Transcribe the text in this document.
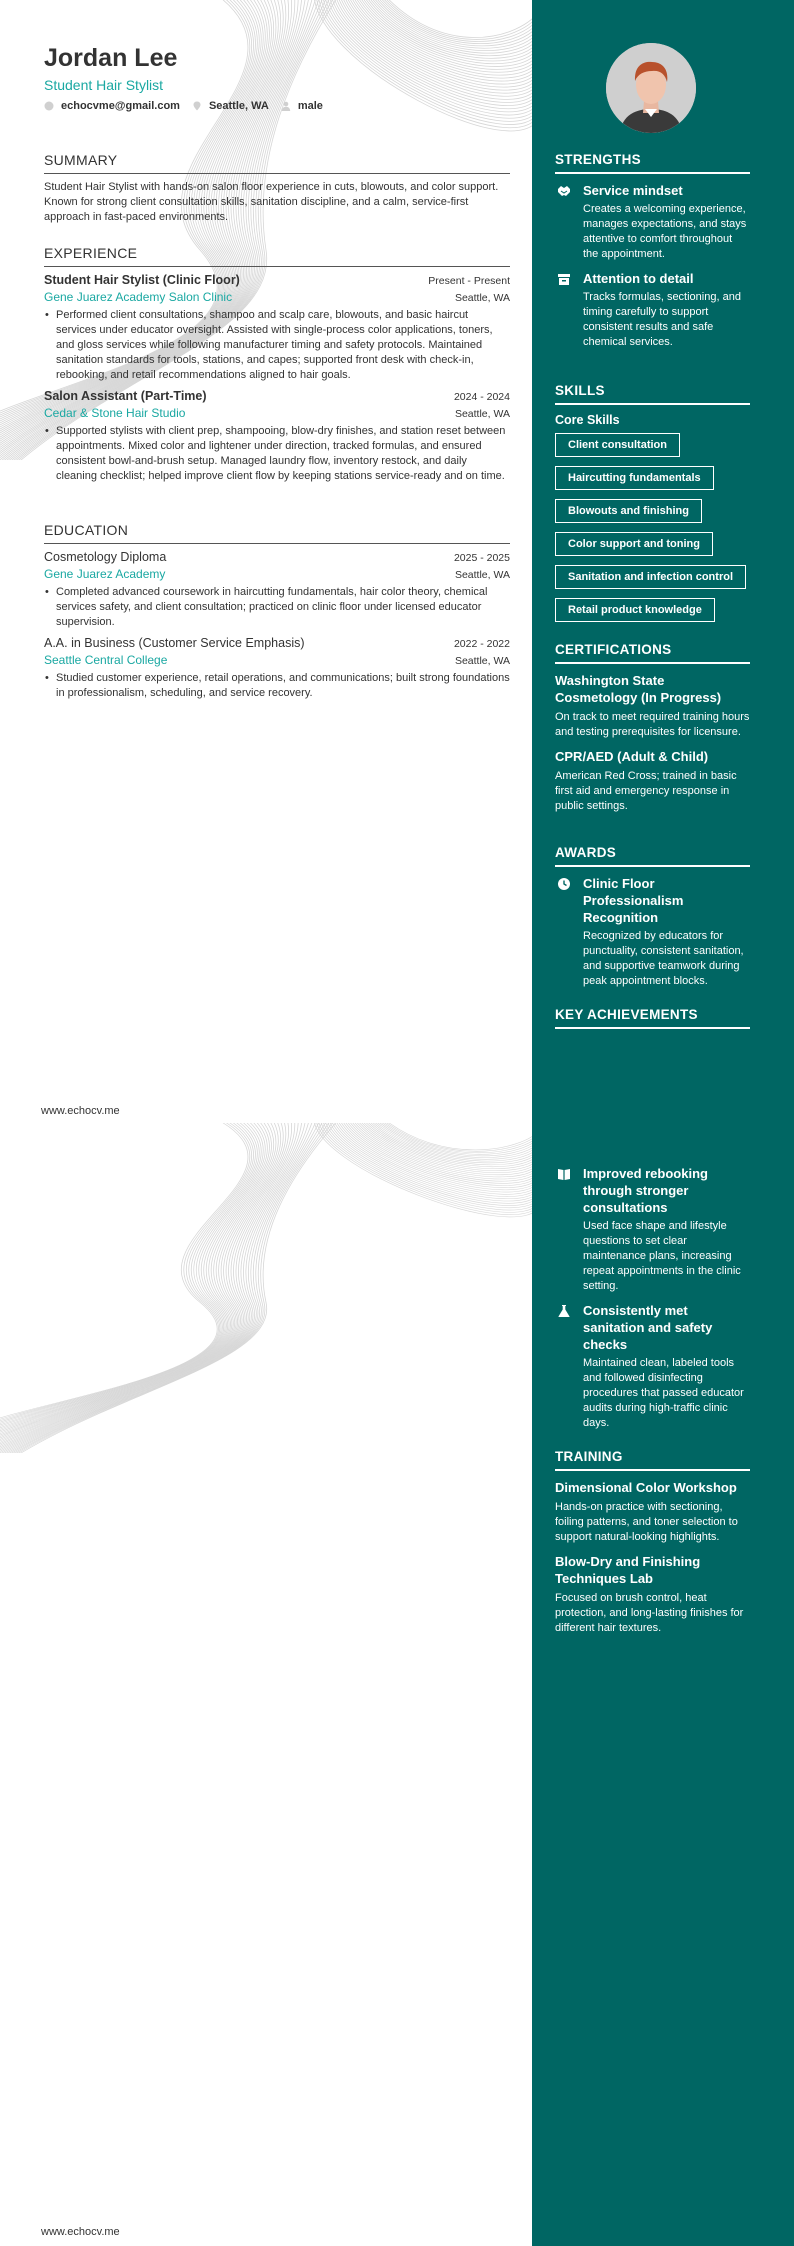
Jordan Lee
Student Hair Stylist
echocvme@gmail.com	Seattle, WA	male
SUMMARY
Student Hair Stylist with hands-on salon floor experience in cuts, blowouts, and color support. Known for strong client consultation skills, sanitation discipline, and a calm, service-first approach in fast-paced environments.
EXPERIENCE
Student Hair Stylist (Clinic Floor)	Present - Present
Gene Juarez Academy Salon Clinic	Seattle, WA
• Performed client consultations, shampoo and scalp care, blowouts, and basic haircut services under educator oversight. Assisted with single-process color applications, toners, and gloss services while following manufacturer timing and safety protocols. Maintained sanitation standards for tools, stations, and capes; supported front desk with check-in, rebooking, and retail recommendations aligned to hair goals.
Salon Assistant (Part-Time)	2024 - 2024
Cedar & Stone Hair Studio	Seattle, WA
• Supported stylists with client prep, shampooing, blow-dry finishes, and station reset between appointments. Mixed color and lightener under direction, tracked formulas, and ensured consistent bowl-and-brush setup. Managed laundry flow, inventory restock, and daily cleaning checklist; helped improve client flow by keeping stations service-ready and on time.
EDUCATION
Cosmetology Diploma	2025 - 2025
Gene Juarez Academy	Seattle, WA
• Completed advanced coursework in haircutting fundamentals, hair color theory, chemical services safety, and client consultation; practiced on clinic floor under licensed educator supervision.
A.A. in Business (Customer Service Emphasis)	2022 - 2022
Seattle Central College	Seattle, WA
• Studied customer experience, retail operations, and communications; built strong foundations in professionalism, scheduling, and service recovery.
STRENGTHS
Service mindset
Creates a welcoming experience, manages expectations, and stays attentive to comfort throughout the appointment.
Attention to detail
Tracks formulas, sectioning, and timing carefully to support consistent results and safe chemical services.
SKILLS
Core Skills
Client consultation
Haircutting fundamentals
Blowouts and finishing
Color support and toning
Sanitation and infection control
Retail product knowledge
CERTIFICATIONS
Washington State Cosmetology (In Progress)
On track to meet required training hours and testing prerequisites for licensure.
CPR/AED (Adult & Child)
American Red Cross; trained in basic first aid and emergency response in public settings.
AWARDS
Clinic Floor Professionalism Recognition
Recognized by educators for punctuality, consistent sanitation, and supportive teamwork during peak appointment blocks.
KEY ACHIEVEMENTS
www.echocv.me
Improved rebooking through stronger consultations
Used face shape and lifestyle questions to set clear maintenance plans, increasing repeat appointments in the clinic setting.
Consistently met sanitation and safety checks
Maintained clean, labeled tools and followed disinfecting procedures that passed educator audits during high-traffic clinic days.
TRAINING
Dimensional Color Workshop
Hands-on practice with sectioning, foiling patterns, and toner selection to support natural-looking highlights.
Blow-Dry and Finishing Techniques Lab
Focused on brush control, heat protection, and long-lasting finishes for different hair textures.
www.echocv.me
